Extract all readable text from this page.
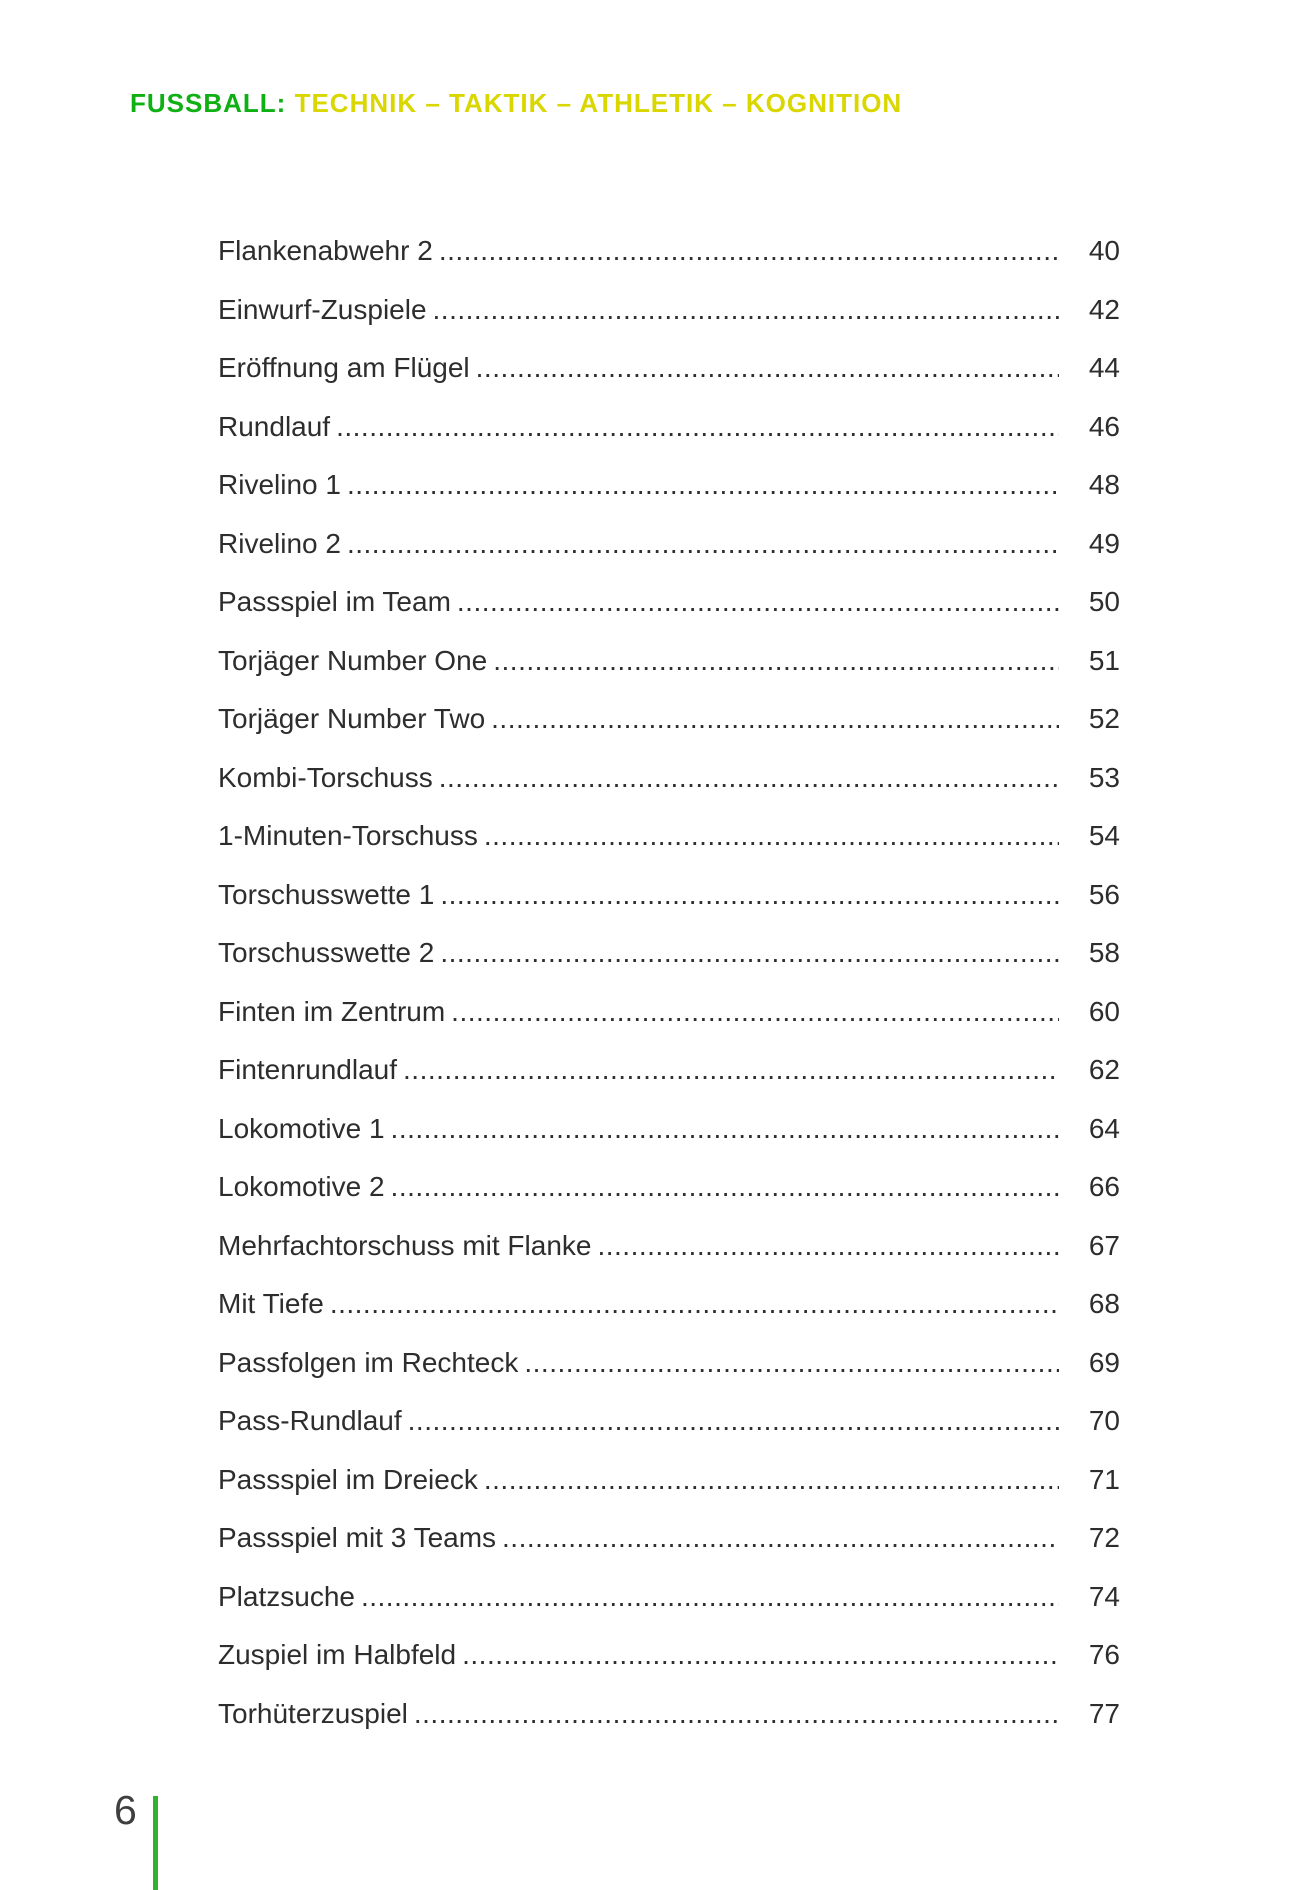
FUSSBALL: TECHNIK – TAKTIK – ATHLETIK – KOGNITION
Flankenabwehr 2 .....	40
Einwurf-Zuspiele .....	42
Eröffnung am Flügel .....	44
Rundlauf .....	46
Rivelino 1 .....	48
Rivelino 2 .....	49
Passspiel im Team .....	50
Torjäger Number One .....	51
Torjäger Number Two .....	52
Kombi-Torschuss .....	53
1-Minuten-Torschuss .....	54
Torschusswette 1 .....	56
Torschusswette 2 .....	58
Finten im Zentrum .....	60
Fintenrundlauf .....	62
Lokomotive 1 .....	64
Lokomotive 2 .....	66
Mehrfachtorschuss mit Flanke .....	67
Mit Tiefe .....	68
Passfolgen im Rechteck .....	69
Pass-Rundlauf .....	70
Passspiel im Dreieck .....	71
Passspiel mit 3 Teams .....	72
Platzsuche .....	74
Zuspiel im Halbfeld .....	76
Torhüterzuspiel .....	77
6
